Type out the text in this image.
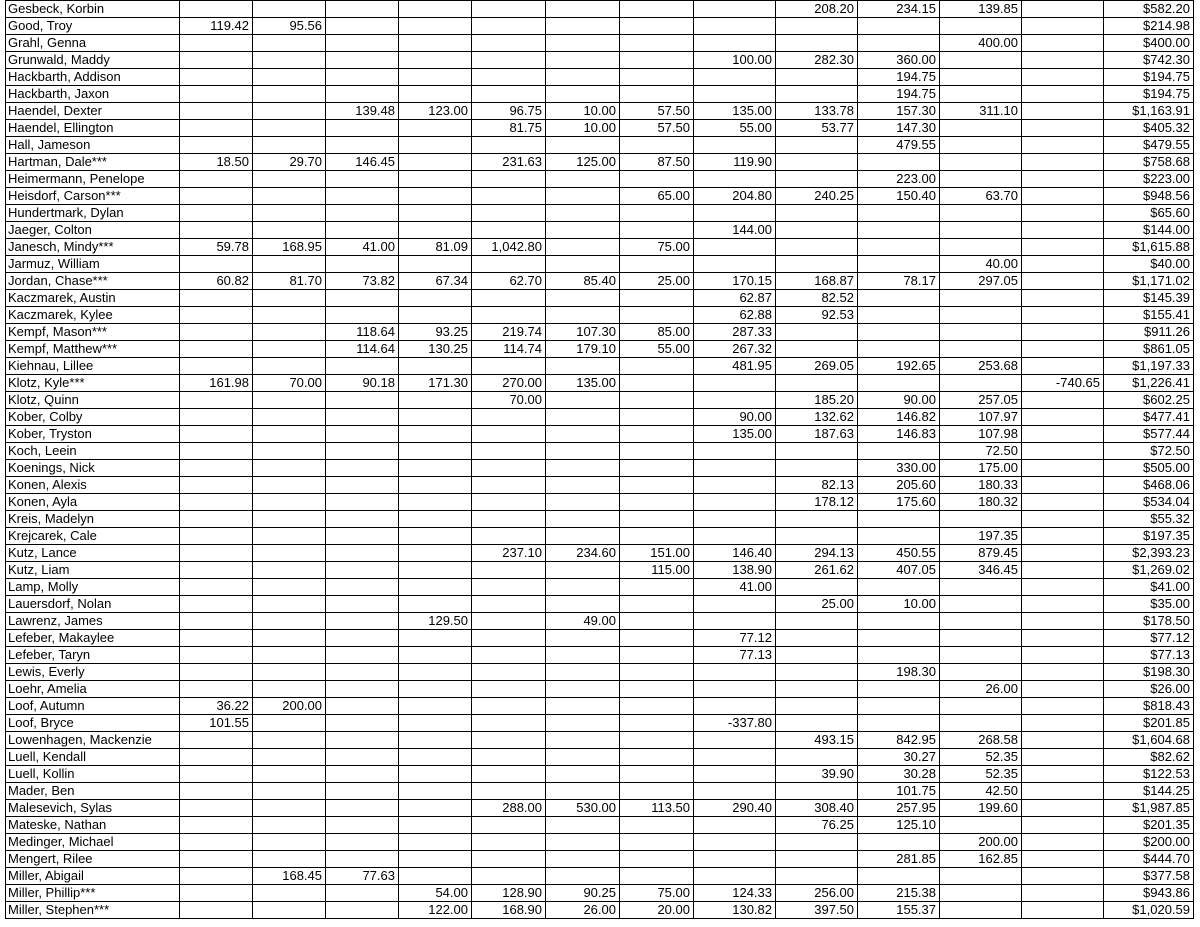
Gesbeck, Korbin									208.20	234.15	139.85		$582.20
Good, Troy	119.42	95.56											$214.98
Grahl, Genna											400.00		$400.00
Grunwald, Maddy								100.00	282.30	360.00			$742.30
Hackbarth, Addison										194.75			$194.75
Hackbarth, Jaxon										194.75			$194.75
Haendel, Dexter			139.48	123.00	96.75	10.00	57.50	135.00	133.78	157.30	311.10		$1,163.91
Haendel, Ellington					81.75	10.00	57.50	55.00	53.77	147.30			$405.32
Hall, Jameson										479.55			$479.55
Hartman, Dale***	18.50	29.70	146.45		231.63	125.00	87.50	119.90					$758.68
Heimermann, Penelope										223.00			$223.00
Heisdorf, Carson***							65.00	204.80	240.25	150.40	63.70		$948.56
Hundertmark, Dylan													$65.60
Jaeger, Colton								144.00					$144.00
Janesch, Mindy***	59.78	168.95	41.00	81.09	1,042.80		75.00						$1,615.88
Jarmuz, William											40.00		$40.00
Jordan, Chase***	60.82	81.70	73.82	67.34	62.70	85.40	25.00	170.15	168.87	78.17	297.05		$1,171.02
Kaczmarek, Austin								62.87	82.52				$145.39
Kaczmarek, Kylee								62.88	92.53				$155.41
Kempf, Mason***			118.64	93.25	219.74	107.30	85.00	287.33					$911.26
Kempf, Matthew***			114.64	130.25	114.74	179.10	55.00	267.32					$861.05
Kiehnau, Lillee								481.95	269.05	192.65	253.68		$1,197.33
Klotz, Kyle***	161.98	70.00	90.18	171.30	270.00	135.00						-740.65	$1,226.41
Klotz, Quinn					70.00				185.20	90.00	257.05		$602.25
Kober, Colby								90.00	132.62	146.82	107.97		$477.41
Kober, Tryston								135.00	187.63	146.83	107.98		$577.44
Koch, Leein											72.50		$72.50
Koenings, Nick										330.00	175.00		$505.00
Konen, Alexis									82.13	205.60	180.33		$468.06
Konen, Ayla									178.12	175.60	180.32		$534.04
Kreis, Madelyn													$55.32
Krejcarek, Cale											197.35		$197.35
Kutz, Lance					237.10	234.60	151.00	146.40	294.13	450.55	879.45		$2,393.23
Kutz, Liam							115.00	138.90	261.62	407.05	346.45		$1,269.02
Lamp, Molly								41.00					$41.00
Lauersdorf, Nolan									25.00	10.00			$35.00
Lawrenz, James				129.50		49.00							$178.50
Lefeber, Makaylee								77.12					$77.12
Lefeber, Taryn								77.13					$77.13
Lewis, Everly										198.30			$198.30
Loehr, Amelia											26.00		$26.00
Loof, Autumn	36.22	200.00											$818.43
Loof, Bryce	101.55							-337.80					$201.85
Lowenhagen, Mackenzie									493.15	842.95	268.58		$1,604.68
Luell, Kendall										30.27	52.35		$82.62
Luell, Kollin									39.90	30.28	52.35		$122.53
Mader, Ben										101.75	42.50		$144.25
Malesevich, Sylas					288.00	530.00	113.50	290.40	308.40	257.95	199.60		$1,987.85
Mateske, Nathan									76.25	125.10			$201.35
Medinger, Michael											200.00		$200.00
Mengert, Rilee										281.85	162.85		$444.70
Miller, Abigail		168.45	77.63										$377.58
Miller, Phillip***				54.00	128.90	90.25	75.00	124.33	256.00	215.38			$943.86
Miller, Stephen***				122.00	168.90	26.00	20.00	130.82	397.50	155.37			$1,020.59
